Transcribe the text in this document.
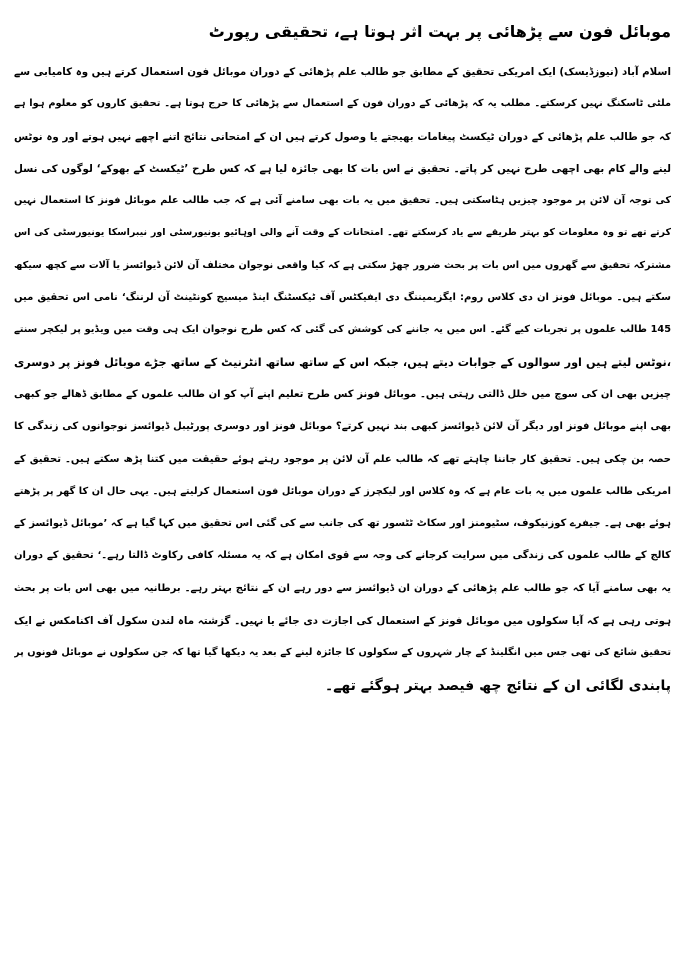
موبائل فون سے پڑھائی پر بہت اثر ہوتا ہے، تحقیقی رپورٹ
اسلام آباد (نیوزڈیسک) ایک امریکی تحقیق کے مطابق جو طالب علم پڑھائی کے دوران موبائل فون استعمال کرتے ہیں وہ کامیابی سے
ملٹی ٹاسکنگ نہیں کرسکتے۔ مطلب یہ کہ پڑھائی کے دوران فون کے استعمال سے پڑھائی کا حرج ہوتا ہے۔ تحقیق کاروں کو معلوم ہوا ہے
کہ جو طالب علم پڑھائی کے دوران ٹیکسٹ پیغامات بھیجتے یا وصول کرتے ہیں ان کے امتحانی نتائج اتنے اچھے نہیں ہوتے اور وہ نوٹس
لینے والے کام بھی اچھی طرح نہیں کر پاتے۔ تحقیق نے اس بات کا بھی جائزہ لیا ہے کہ کس طرح ’ٹیکسٹ کے بھوکے‘ لوگوں کی نسل
کی توجہ آن لائن پر موجود چیزیں ہٹاسکتی ہیں۔ تحقیق میں یہ بات بھی سامنے آئی ہے کہ جب طالب علم موبائل فونز کا استعمال نہیں
کرتے تھے تو وہ معلومات کو بہتر طریقے سے یاد کرسکتے تھے۔ امتحانات کے وقت آنے والی اوہائیو یونیورسٹی اور نیبراسکا یونیورسٹی کی اس
مشترکہ تحقیق سے گھروں میں اس بات پر بحث ضرور چھڑ سکتی ہے کہ کیا واقعی نوجوان مختلف آن لائن ڈیوائسز یا آلات سے کچھ سیکھ
سکتے ہیں۔ موبائل فونز ان دی کلاس روم: ایگزیمیننگ دی ایفیکٹس آف ٹیکسٹنگ اینڈ میسیج کونٹینٹ آن لرننگ‘ نامی اس تحقیق میں
145 طالب علموں پر تجربات کیے گئے۔ اس میں یہ جاننے کی کوشش کی گئی کہ کس طرح نوجوان ایک ہی وقت میں ویڈیو پر لیکچر سنتے
،نوٹس لیتے ہیں اور سوالوں کے جوابات دیتے ہیں، جبکہ اس کے ساتھ ساتھ انٹرنیٹ کے ساتھ جڑے موبائل فونز پر دوسری
چیزیں بھی ان کی سوچ میں خلل ڈالتی رہتی ہیں۔ موبائل فونز کس طرح تعلیم اپنے آپ کو ان طالب علموں کے مطابق ڈھالے جو کبھی
بھی اپنے موبائل فونز اور دیگر آن لائن ڈیوائسز کبھی بند نہیں کرتے؟ موبائل فونز اور دوسری پورٹیبل ڈیوائسز نوجوانوں کی زندگی کا
حصہ بن چکی ہیں۔ تحقیق کار جاننا چاہتے تھے کہ طالب علم آن لائن پر موجود رہتے ہوئے حقیقت میں کتنا پڑھ سکتے ہیں۔ تحقیق کے
امریکی طالب علموں میں یہ بات عام ہے کہ وہ کلاس اور لیکچرز کے دوران موبائل فون استعمال کرلیتے ہیں۔ یہی حال ان کا گھر پر پڑھتے
ہوئے بھی ہے۔ جیفرے کوزنیکوف، سٹیومنز اور سکاٹ ٹٹسور تھ کی جانب سے کی گئی اس تحقیق میں کہا گیا ہے کہ ’موبائل ڈیوائسز کے
کالج کے طالب علموں کی زندگی میں سرایت کرجانے کی وجہ سے قوی امکان ہے کہ یہ مسئلہ کافی رکاوٹ ڈالتا رہے۔‘ تحقیق کے دوران
یہ بھی سامنے آیا کہ جو طالب علم پڑھائی کے دوران ان ڈیوائسز سے دور رہے ان کے نتائج بہتر رہے۔ برطانیہ میں بھی اس بات پر بحث
ہوتی رہی ہے کہ آیا سکولوں میں موبائل فونز کے استعمال کی اجازت دی جائے یا نہیں۔ گزشتہ ماہ لندن سکول آف اکنامکس نے ایک
تحقیق شائع کی تھی جس میں انگلینڈ کے چار شہروں کے سکولوں کا جائزہ لینے کے بعد یہ دیکھا گیا تھا کہ جن سکولوں نے موبائل فونوں پر
پابندی لگائی ان کے نتائج چھ فیصد بہتر ہوگئے تھے۔
